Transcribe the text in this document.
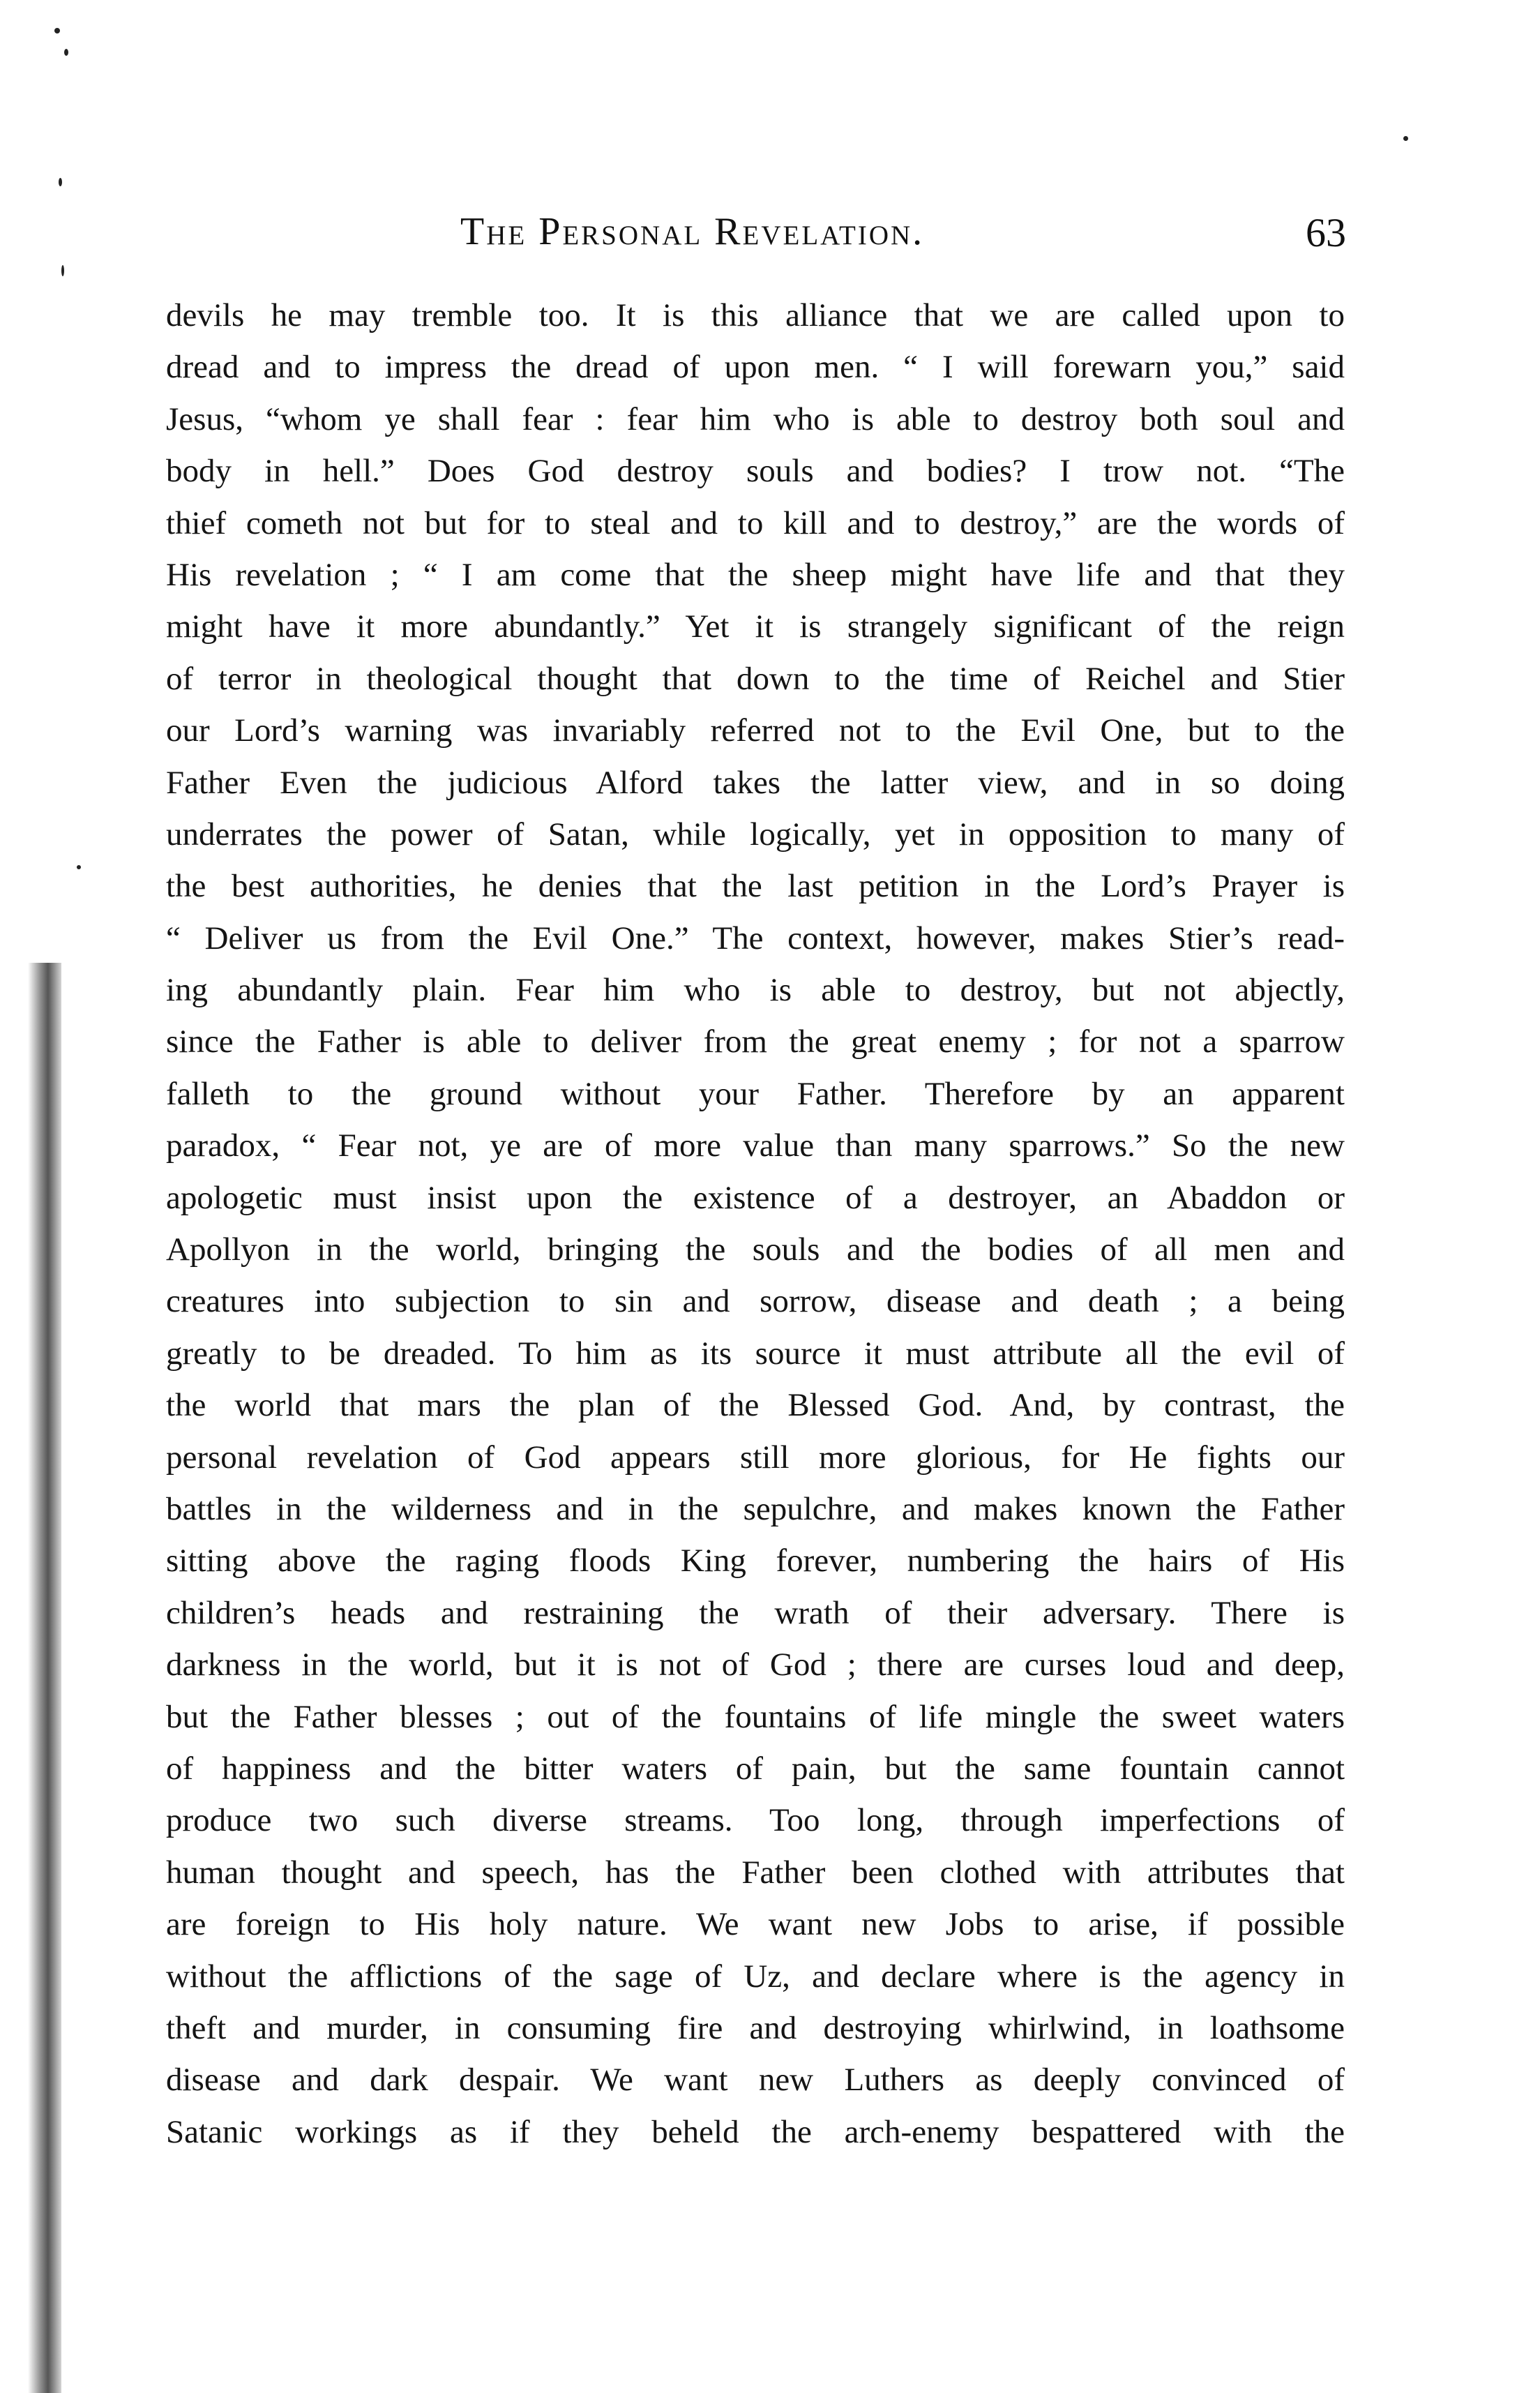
The Personal Revelation.	63
devils he may tremble too. It is this alliance that we are called upon to
dread and to impress the dread of upon men. “ I will forewarn you,” said
Jesus, “whom ye shall fear : fear him who is able to destroy both soul and
body in hell.” Does God destroy souls and bodies? I trow not. “The
thief cometh not but for to steal and to kill and to destroy,” are the words of
His revelation ; “ I am come that the sheep might have life and that they
might have it more abundantly.” Yet it is strangely significant of the reign
of terror in theological thought that down to the time of Reichel and Stier
our Lord’s warning was invariably referred not to the Evil One, but to the
Father Even the judicious Alford takes the latter view, and in so doing
underrates the power of Satan, while logically, yet in opposition to many of
the best authorities, he denies that the last petition in the Lord’s Prayer is
“ Deliver us from the Evil One.” The context, however, makes Stier’s read-
ing abundantly plain. Fear him who is able to destroy, but not abjectly,
since the Father is able to deliver from the great enemy ; for not a sparrow
falleth to the ground without your Father. Therefore by an apparent
paradox, “ Fear not, ye are of more value than many sparrows.” So the new
apologetic must insist upon the existence of a destroyer, an Abaddon or
Apollyon in the world, bringing the souls and the bodies of all men and
creatures into subjection to sin and sorrow, disease and death ; a being
greatly to be dreaded. To him as its source it must attribute all the evil of
the world that mars the plan of the Blessed God. And, by contrast, the
personal revelation of God appears still more glorious, for He fights our
battles in the wilderness and in the sepulchre, and makes known the Father
sitting above the raging floods King forever, numbering the hairs of His
children’s heads and restraining the wrath of their adversary. There is
darkness in the world, but it is not of God ; there are curses loud and deep,
but the Father blesses ; out of the fountains of life mingle the sweet waters
of happiness and the bitter waters of pain, but the same fountain cannot
produce two such diverse streams. Too long, through imperfections of
human thought and speech, has the Father been clothed with attributes that
are foreign to His holy nature. We want new Jobs to arise, if possible
without the afflictions of the sage of Uz, and declare where is the agency in
theft and murder, in consuming fire and destroying whirlwind, in loathsome
disease and dark despair. We want new Luthers as deeply convinced of
Satanic workings as if they beheld the arch-enemy bespattered with the
